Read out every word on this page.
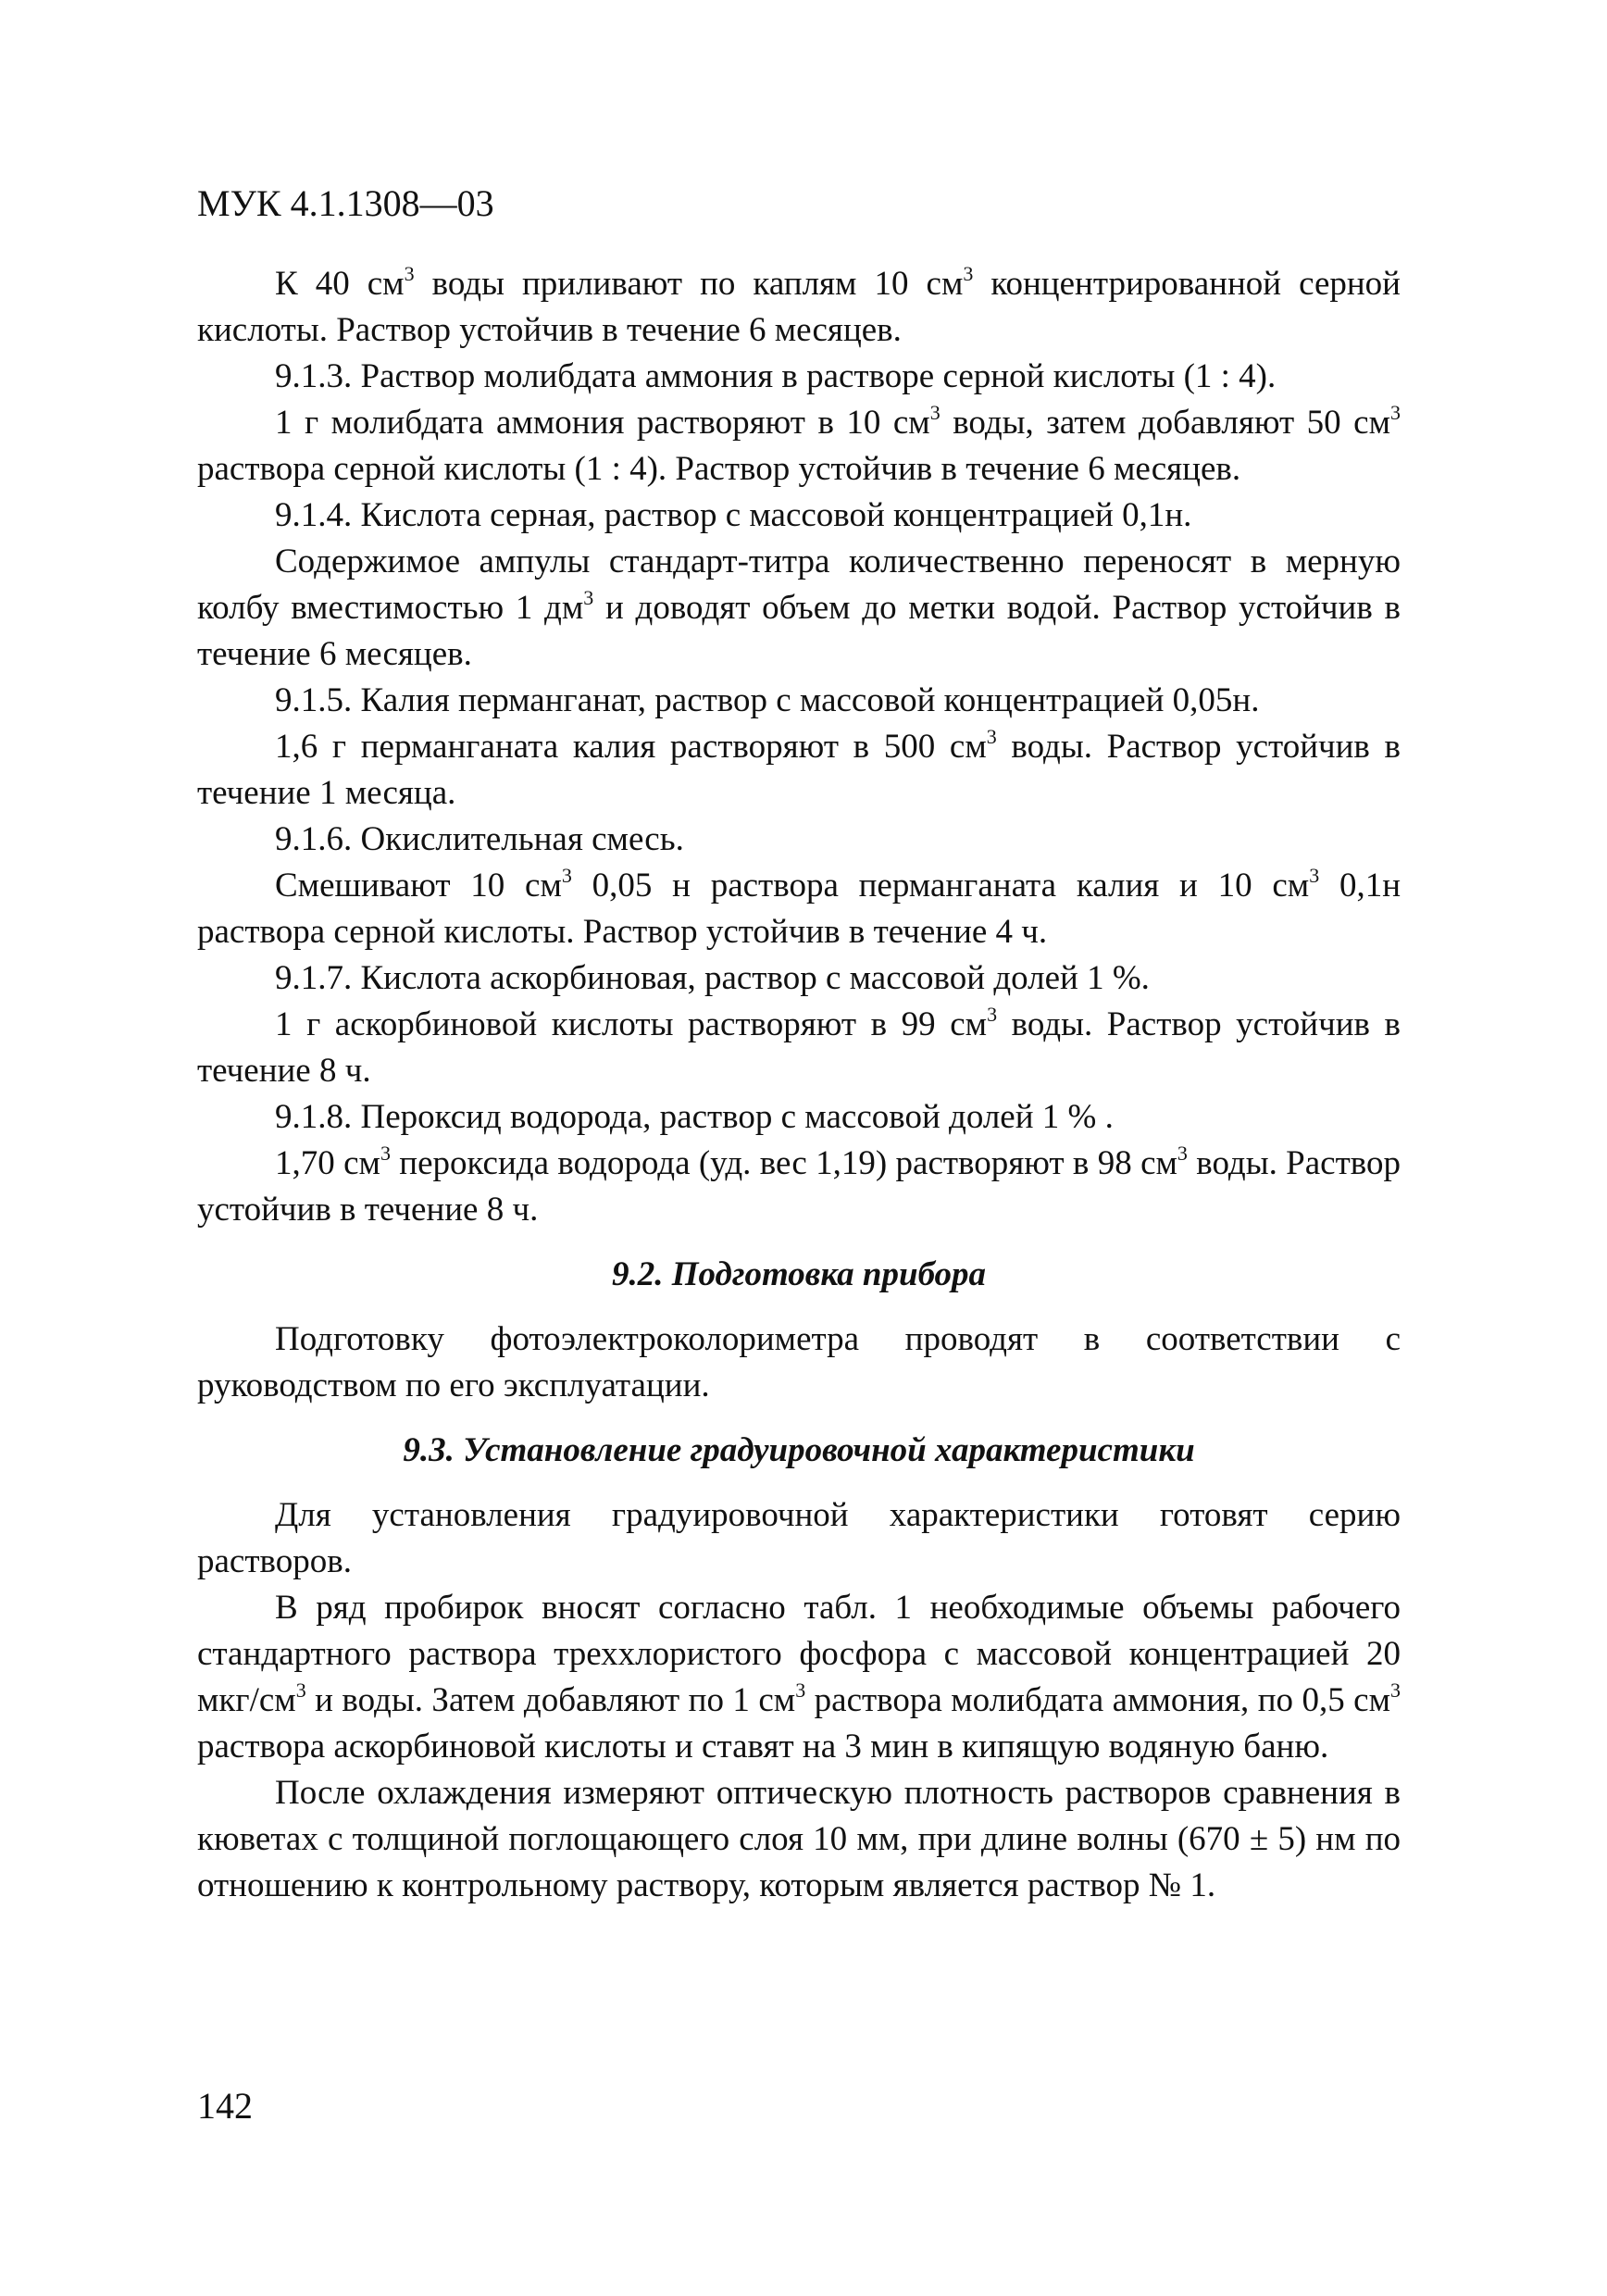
МУК 4.1.1308—03

К 40 $см^3$ воды приливают по каплям 10 $см^3$ концентрированной серной кислоты. Раствор устойчив в течение 6 месяцев.

9.1.3. Раствор молибдата аммония в растворе серной кислоты (1 : 4).

1 г молибдата аммония растворяют в 10 $см^3$ воды, затем добавляют 50 $см^3$ раствора серной кислоты (1 : 4). Раствор устойчив в течение 6 месяцев.

9.1.4. Кислота серная, раствор с массовой концентрацией 0,1н.

Содержимое ампулы стандарт-титра количественно переносят в мерную колбу вместимостью 1 $дм^3$ и доводят объем до метки водой. Раствор устойчив в течение 6 месяцев.

9.1.5. Калия перманганат, раствор с массовой концентрацией 0,05н.

1,6 г перманганата калия растворяют в 500 $см^3$ воды. Раствор устойчив в течение 1 месяца.

9.1.6. Окислительная смесь.

Смешивают 10 $см^3$ 0,05 н раствора перманганата калия и 10 $см^3$ 0,1н раствора серной кислоты. Раствор устойчив в течение 4 ч.

9.1.7. Кислота аскорбиновая, раствор с массовой долей 1 %.

1 г аскорбиновой кислоты растворяют в 99 $см^3$ воды. Раствор устойчив в течение 8 ч.

9.1.8. Пероксид водорода, раствор с массовой долей 1 % .

1,70 $см^3$ пероксида водорода (уд. вес 1,19) растворяют в 98 $см^3$ воды. Раствор устойчив в течение 8 ч.

9.2. Подготовка прибора

Подготовку фотоэлектроколориметра проводят в соответствии с руководством по его эксплуатации.

9.3. Установление градуировочной характеристики

Для установления градуировочной характеристики готовят серию растворов.

В ряд пробирок вносят согласно табл. 1 необходимые объемы рабочего стандартного раствора треххлористого фосфора с массовой концентрацией 20 мкг/$см^3$ и воды. Затем добавляют по 1 $см^3$ раствора молибдата аммония, по 0,5 $см^3$ раствора аскорбиновой кислоты и ставят на 3 мин в кипящую водяную баню.

После охлаждения измеряют оптическую плотность растворов сравнения в кюветах с толщиной поглощающего слоя 10 мм, при длине волны (670 ± 5) нм по отношению к контрольному раствору, которым является раствор № 1.

142
